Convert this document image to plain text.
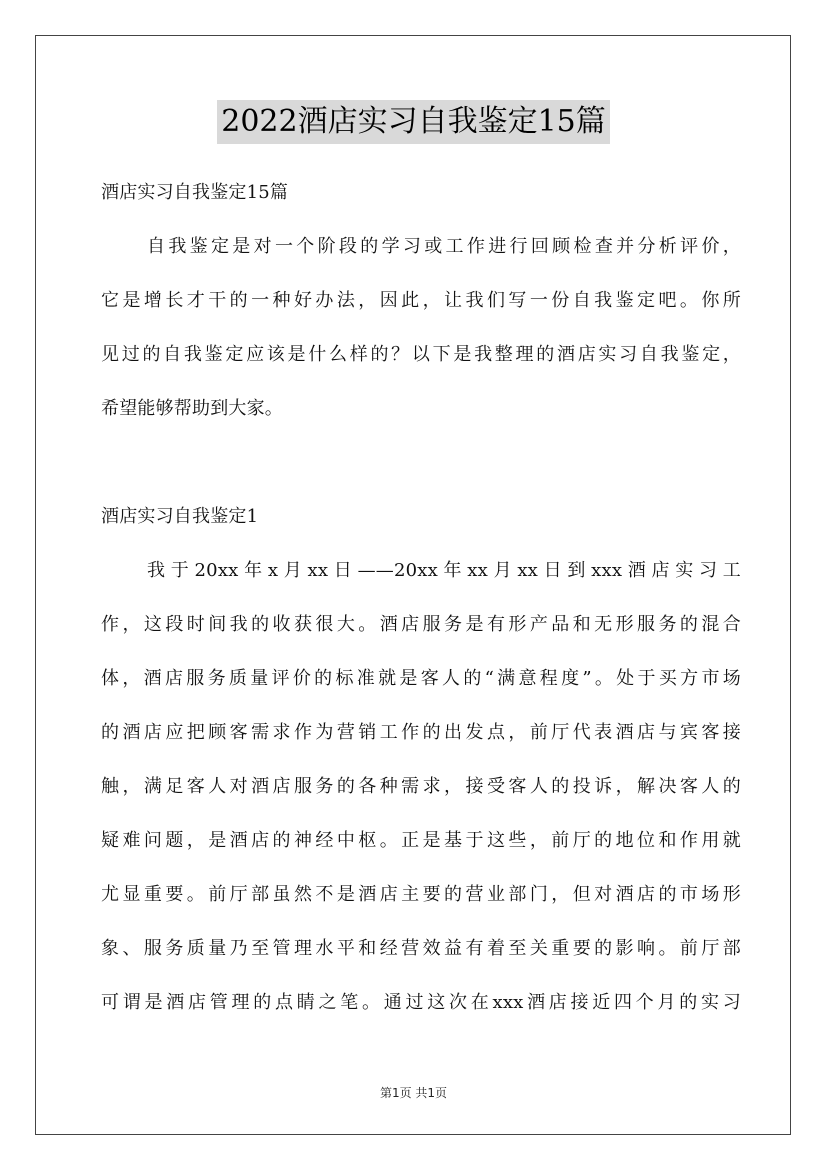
2022酒店实习自我鉴定15篇
酒店实习自我鉴定15篇
自我鉴定是对一个阶段的学习或工作进行回顾检查并分析评价，
它是增长才干的一种好办法，因此，让我们写一份自我鉴定吧。你所
见过的自我鉴定应该是什么样的？以下是我整理的酒店实习自我鉴定，
希望能够帮助到大家。
酒店实习自我鉴定1
我于20xx年x月xx日——20xx年xx月xx日到xxx酒店实习工
作，这段时间我的收获很大。酒店服务是有形产品和无形服务的混合
体，酒店服务质量评价的标准就是客人的“满意程度”。处于买方市场
的酒店应把顾客需求作为营销工作的出发点，前厅代表酒店与宾客接
触，满足客人对酒店服务的各种需求，接受客人的投诉，解决客人的
疑难问题，是酒店的神经中枢。正是基于这些，前厅的地位和作用就
尤显重要。前厅部虽然不是酒店主要的营业部门，但对酒店的市场形
象、服务质量乃至管理水平和经营效益有着至关重要的影响。前厅部
可谓是酒店管理的点睛之笔。通过这次在xxx酒店接近四个月的实习
第1页 共1页
